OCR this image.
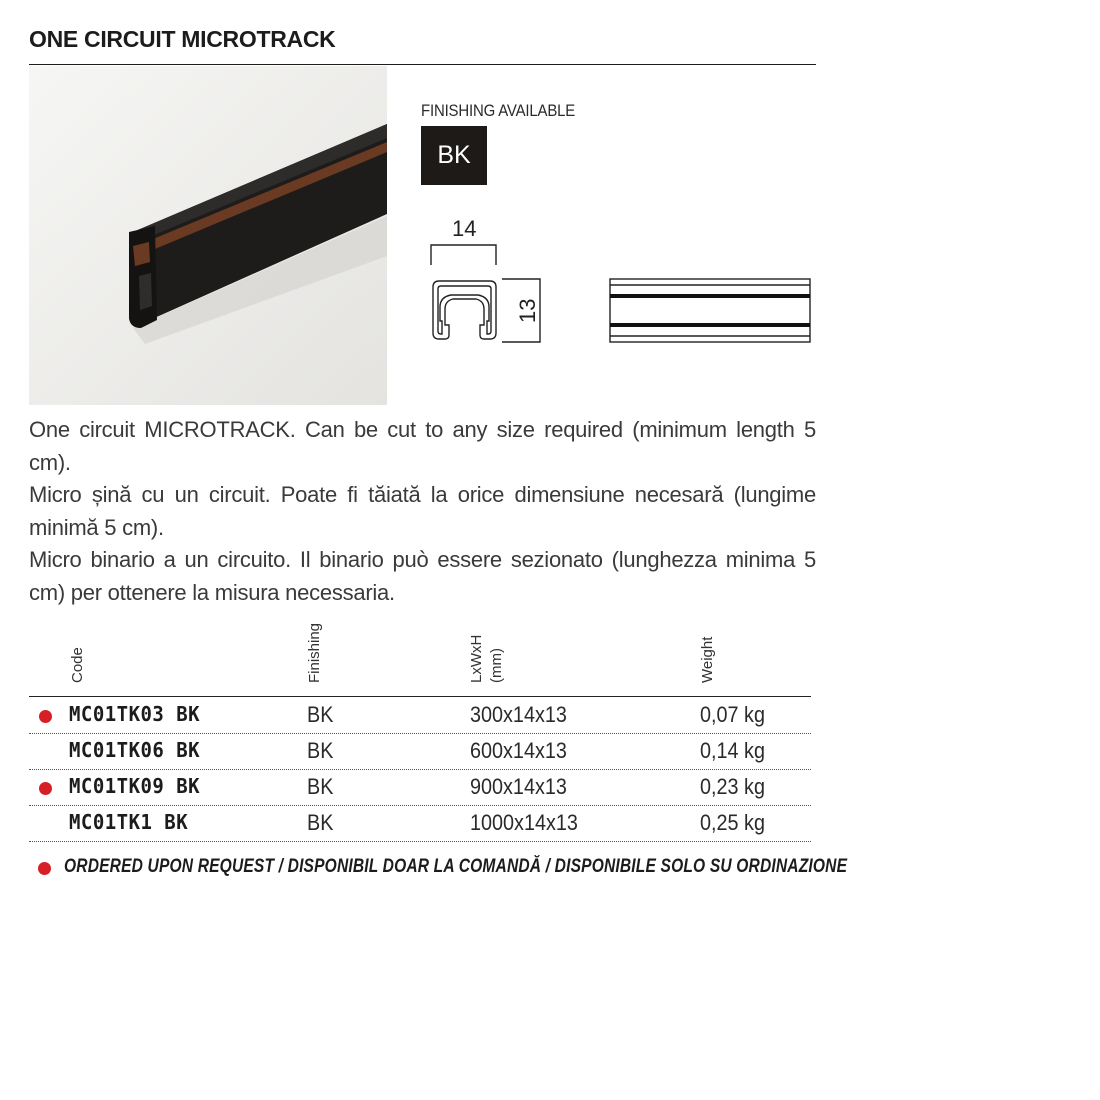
ONE CIRCUIT MICROTRACK
FINISHING AVAILABLE
BK
14
13

One circuit MICROTRACK. Can be cut to any size required (minimum length 5 cm).

Micro șină cu un circuit. Poate fi tăiată la orice dimensiune necesară (lungime minimă 5 cm).

Micro binario a un circuito. Il binario può essere sezionato (lunghezza minima 5 cm) per ottenere la misura necessaria.

Code	Finishing	LxWxH (mm)	Weight
MC01TK03 BK	BK	300x14x13	0,07 kg
MC01TK06 BK	BK	600x14x13	0,14 kg
MC01TK09 BK	BK	900x14x13	0,23 kg
MC01TK1 BK	BK	1000x14x13	0,25 kg
ORDERED UPON REQUEST / DISPONIBIL DOAR LA COMANDĂ / DISPONIBILE SOLO SU ORDINAZIONE
